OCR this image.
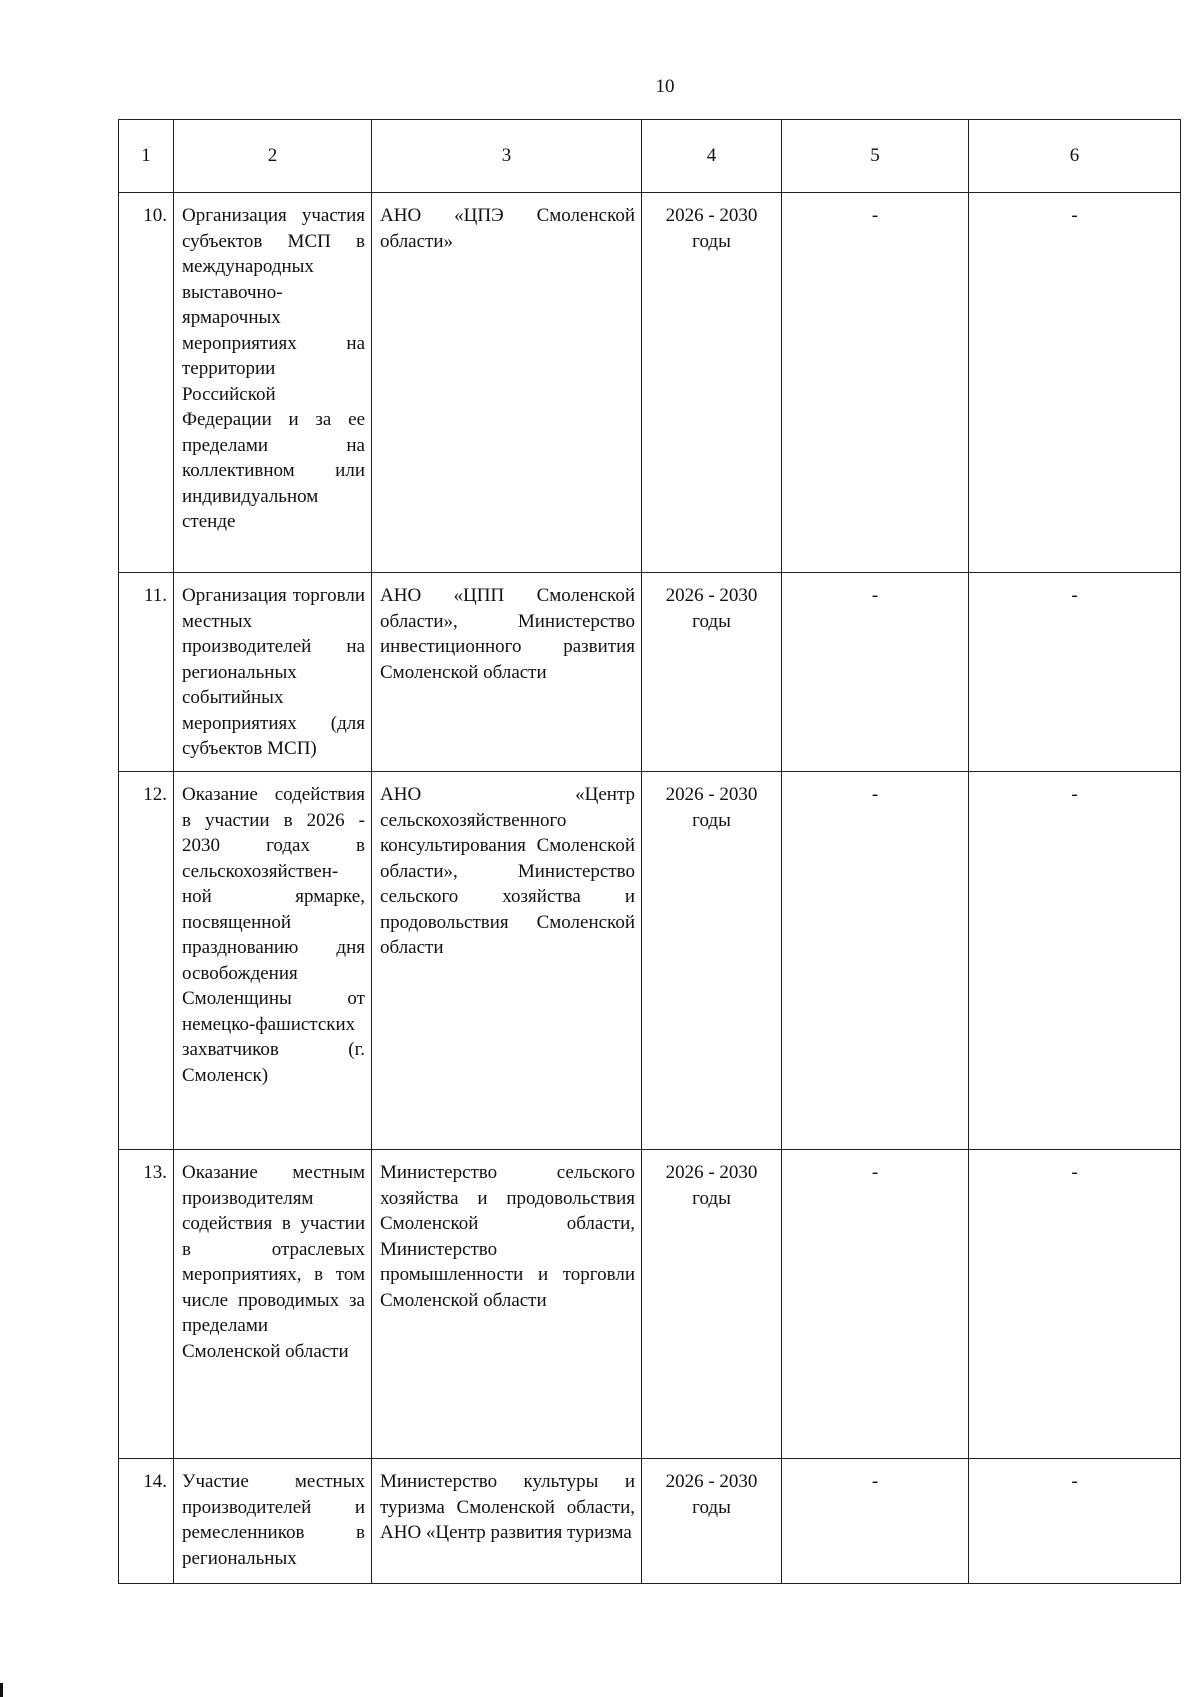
10
1	2	3	4	5	6
10.	Организация участия субъектов МСП в международных выставочно-ярмарочных мероприятиях на территории Российской Федерации и за ее пределами на коллективном или индивидуальном стенде	АНО «ЦПЭ Смоленской области»	2026 - 2030 годы	-	-
11.	Организация торговли местных производителей на региональных событийных мероприятиях (для субъектов МСП)	АНО «ЦПП Смоленской области», Министерство инвестиционного развития Смоленской области	2026 - 2030 годы	-	-
12.	Оказание содействия в участии в 2026 - 2030 годах в сельскохозяйствен-ной ярмарке, посвященной празднованию дня освобождения Смоленщины от немецко-фашистских захватчиков (г. Смоленск)	АНО «Центр сельскохозяйственного консультирования Смоленской области», Министерство сельского хозяйства и продовольствия Смоленской области	2026 - 2030 годы	-	-
13.	Оказание местным производителям содействия в участии в отраслевых мероприятиях, в том числе проводимых за пределами Смоленской области	Министерство сельского хозяйства и продовольствия Смоленской области, Министерство промышленности и торговли Смоленской области	2026 - 2030 годы	-	-
14.	Участие местных производителей и ремесленников в региональных	Министерство культуры и туризма Смоленской области, АНО «Центр развития туризма	2026 - 2030 годы	-	-
